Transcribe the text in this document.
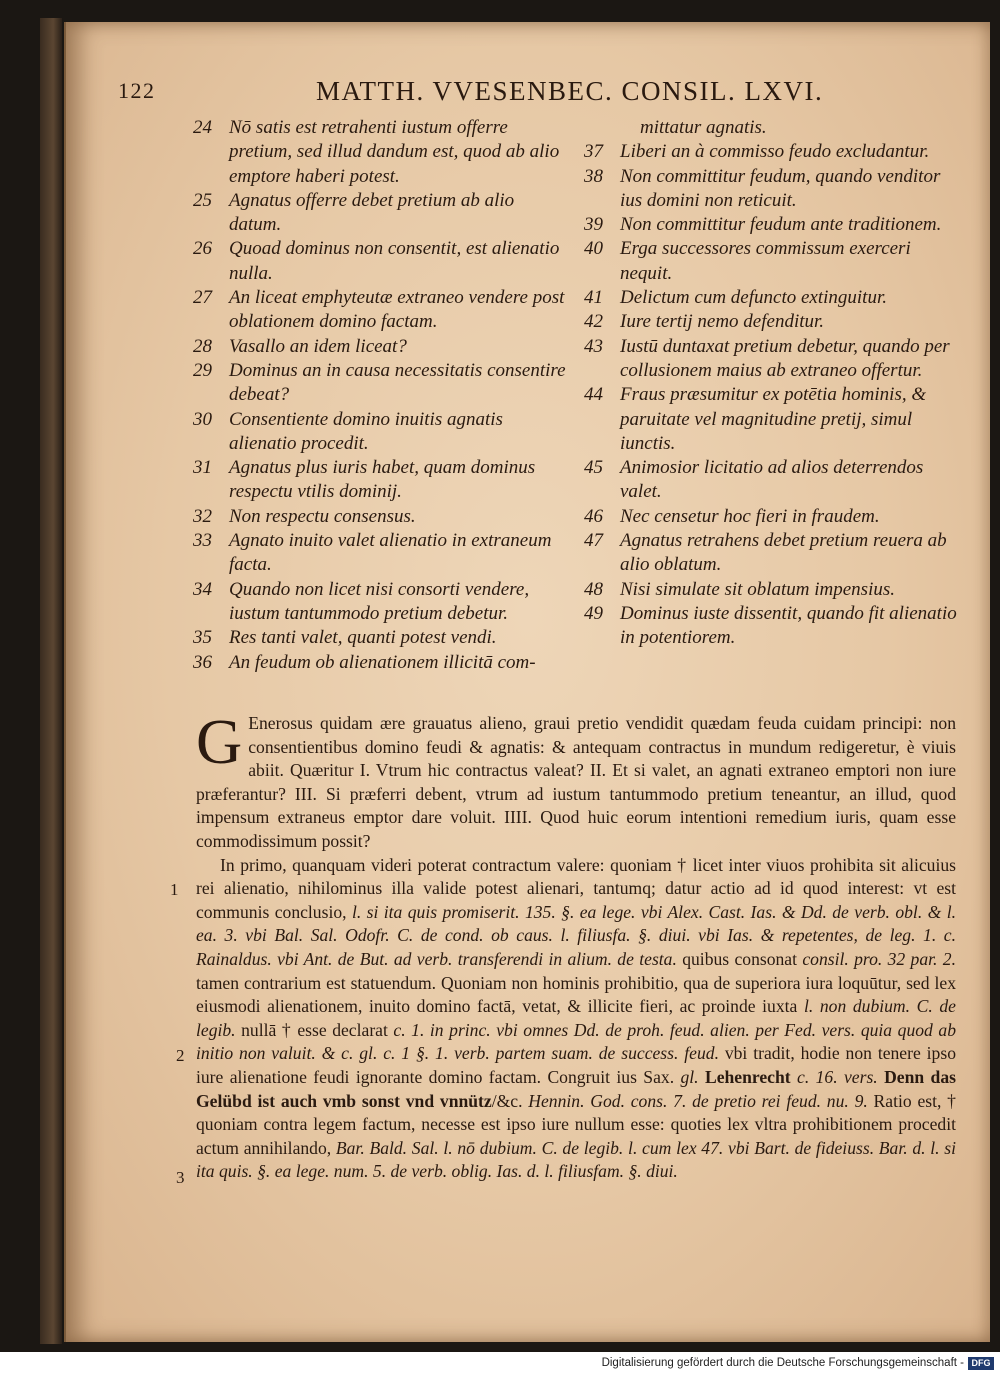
122	MATTH. VVESENBEC. CONSIL. LXVI.

24 Nō satis est retrahenti iustum offerre pretium, sed illud dandum est, quod ab alio emptore haberi potest.

25 Agnatus offerre debet pretium ab alio datum.

26 Quoad dominus non consentit, est alienatio nulla.

27 An liceat emphyteutæ extraneo vendere post oblationem domino factam.

28 Vasallo an idem liceat?

29 Dominus an in causa necessitatis consentire debeat?

30 Consentiente domino inuitis agnatis alienatio procedit.

31 Agnatus plus iuris habet, quam dominus respectu vtilis dominij.

32 Non respectu consensus.

33 Agnato inuito valet alienatio in extraneum facta.

34 Quando non licet nisi consorti vendere, iustum tantummodo pretium debetur.

35 Res tanti valet, quanti potest vendi.

36 An feudum ob alienationem illicitā com-

mittatur agnatis.

37 Liberi an à commisso feudo excludantur.

38 Non committitur feudum, quando venditor ius domini non reticuit.

39 Non committitur feudum ante traditionem.

40 Erga successores commissum exerceri nequit.

41 Delictum cum defuncto extinguitur.

42 Iure tertij nemo defenditur.

43 Iustū duntaxat pretium debetur, quando per collusionem maius ab extraneo offertur.

44 Fraus præsumitur ex potētia hominis, & paruitate vel magnitudine pretij, simul iunctis.

45 Animosior licitatio ad alios deterrendos valet.

46 Nec censetur hoc fieri in fraudem.

47 Agnatus retrahens debet pretium reuera ab alio oblatum.

48 Nisi simulate sit oblatum impensius.

49 Dominus iuste dissentit, quando fit alienatio in potentiorem.

G Enerosus quidam ære grauatus alieno, graui pretio vendidit quædam feuda cuidam principi: non consentientibus domino feudi & agnatis: & antequam contractus in mundum redigeretur, è viuis abiit. Quæritur I. Vtrum hic contractus valeat? II. Et si valet, an agnati extraneo emptori non iure præferantur? III. Si præferri debent, vtrum ad iustum tantummodo pretium teneantur, an illud, quod impensum extraneus emptor dare voluit. IIII. Quod huic eorum intentioni remedium iuris, quam esse commodissimum possit?

In primo, quanquam videri poterat contractum valere: quoniam † licet inter viuos prohibita sit alicuius rei alienatio, nihilominus illa valide potest alienari, tantumq; datur actio ad id quod interest: vt est communis conclusio, l. si ita quis promiserit. 135. §. ea lege. vbi Alex. Cast. Ias. & Dd. de verb. obl. & l. ea. 3. vbi Bal. Sal. Odofr. C. de cond. ob caus. l. filiusfa. §. diui. vbi Ias. & repetentes, de leg. 1. c. Rainaldus. vbi Ant. de But. ad verb. transferendi in alium. de testa. quibus consonat consil. pro. 32 par. 2. tamen contrarium est statuendum. Quoniam non hominis prohibitio, qua de superiora iura loquūtur, sed lex eiusmodi alienationem, inuito domino factā, vetat, & illicite fieri, ac proinde iuxta l. non dubium. C. de legib. nullā † esse declarat c. 1. in princ. vbi omnes Dd. de proh. feud. alien. per Fed. vers. quia quod ab initio non valuit. & c. gl. c. 1 §. 1. verb. partem suam. de success. feud. vbi tradit, hodie non tenere ipso iure alienatione feudi ignorante domino factam. Congruit ius Sax. gl. Lehenrecht c. 16. vers. Denn das Gelübd ist auch vmb sonst vnd vnnütz/&c. Hennin. God. cons. 7. de pretio rei feud. nu. 9. Ratio est, † quoniam contra legem factum, necesse est ipso iure nullum esse: quoties lex vltra prohibitionem procedit actum annihilando, Bar. Bald. Sal. l. nō dubium. C. de legib. l. cum lex 47. vbi Bart. de fideiuss. Bar. d. l. si ita quis. §. ea lege. num. 5. de verb. oblig. Ias. d. l. filiusfam. §. diui.

1
2
3
Digitalisierung gefördert durch die Deutsche Forschungsgemeinschaft - DFG
